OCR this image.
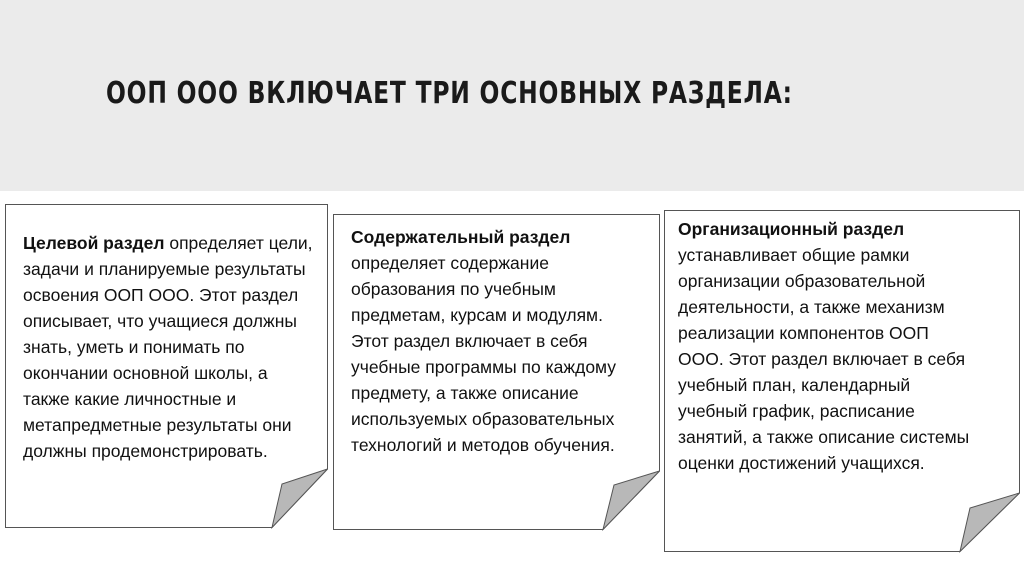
ООП ООО ВКЛЮЧАЕТ ТРИ ОСНОВНЫХ РАЗДЕЛА:

Целевой раздел определяет цели, задачи и планируемые результаты освоения ООП ООО. Этот раздел описывает, что учащиеся должны знать, уметь и понимать по окончании основной школы, а также какие личностные и метапредметные результаты они должны продемонстрировать.

Содержательный раздел определяет содержание образования по учебным предметам, курсам и модулям. Этот раздел включает в себя учебные программы по каждому предмету, а также описание используемых образовательных технологий и методов обучения.

Организационный раздел устанавливает общие рамки организации образовательной деятельности, а также механизм реализации компонентов ООП ООО. Этот раздел включает в себя учебный план, календарный учебный график, расписание занятий, а также описание системы оценки достижений учащихся.
